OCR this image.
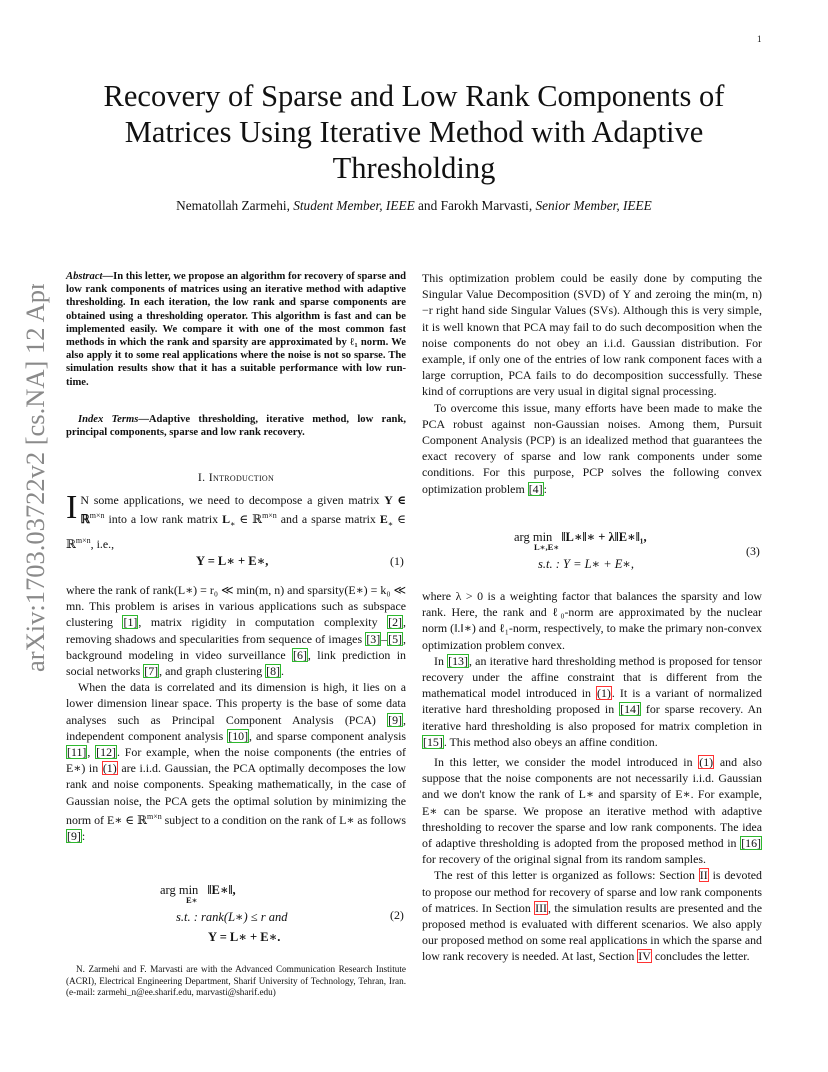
1
Recovery of Sparse and Low Rank Components of
Matrices Using Iterative Method with Adaptive
Thresholding
Nematollah Zarmehi, Student Member, IEEE and Farokh Marvasti, Senior Member, IEEE
arXiv:1703.03722v2 [cs.NA] 12 Apr 2017 Abstract—In this letter, we propose an algorithm for recovery of sparse and low rank components of matrices using an iterative method with adaptive thresholding. In each iteration, the low rank and sparse components are obtained using a thresholding operator. This algorithm is fast and can be implemented easily. We compare it with one of the most common fast methods in which the rank and sparsity are approximated by ℓ₁ norm. We also apply it to some real applications where the noise is not so sparse. The simulation results show that it has a suitable performance with low run-time.
Index Terms—Adaptive thresholding, iterative method, low rank, principal components, sparse and low rank recovery.
I. Introduction
I N some applications, we need to decompose a given matrix Y ∈ ℝ$^{m\times n}$ into a low rank matrix $L_∗$ ∈ ℝ$^{m\times n}$ and a sparse matrix $E_∗$ ∈ ℝ$^{m\times n}$, i.e.,
Y = L∗ + E∗,	(1)

where the rank of rank(L∗) = r₀ ≪ min(m, n) and sparsity(E∗) = k₀ ≪ mn. This problem is arises in various applications such as subspace clustering [1], matrix rigidity in computation complexity [2], removing shadows and specularities from sequence of images [3]–[5], background modeling in video surveillance [6], link prediction in social networks [7], and graph clustering [8].

When the data is correlated and its dimension is high, it lies on a lower dimension linear space. This property is the base of some data analyses such as Principal Component Analysis (PCA) [9], independent component analysis [10], and sparse component analysis [11], [12]. For example, when the noise components (the entries of E∗) in (1) are i.i.d. Gaussian, the PCA optimally decomposes the low rank and noise components. Speaking mathematically, in the case of Gaussian noise, the PCA gets the optimal solution by minimizing the norm of E∗ ∈ ℝ$^{m\times n}$ subject to a condition on the rank of L∗ as follows [9]:

arg min ‖E∗‖,
E∗
s.t. : rank(L∗) ≤ r and
Y = L∗ + E∗.
(2)
N. Zarmehi and F. Marvasti are with the Advanced Communication Research Institute (ACRI), Electrical Engineering Department, Sharif University of Technology, Tehran, Iran. (e-mail: zarmehi_n@ee.sharif.edu, marvasti@sharif.edu)

This optimization problem could be easily done by computing the Singular Value Decomposition (SVD) of Y and zeroing the min(m, n)−r right hand side Singular Values (SVs). Although this is very simple, it is well known that PCA may fail to do such decomposition when the noise components do not obey an i.i.d. Gaussian distribution. For example, if only one of the entries of low rank component faces with a large corruption, PCA fails to do decomposition successfully. These kind of corruptions are very usual in digital signal processing.

To overcome this issue, many efforts have been made to make the PCA robust against non-Gaussian noises. Among them, Pursuit Component Analysis (PCP) is an idealized method that guarantees the exact recovery of sparse and low rank components under some conditions. For this purpose, PCP solves the following convex optimization problem [4]:

arg min ‖L∗‖∗ + λ‖E∗‖₁,
L∗,E∗
s.t. : Y = L∗ + E∗,
(3)

where λ > 0 is a weighting factor that balances the sparsity and low rank. Here, the rank and ℓ₀-norm are approximated by the nuclear norm (‖.‖∗) and ℓ₁-norm, respectively, to make the primary non-convex optimization problem convex.

In [13], an iterative hard thresholding method is proposed for tensor recovery under the affine constraint that is different from the mathematical model introduced in (1). It is a variant of normalized iterative hard thresholding proposed in [14] for sparse recovery. An iterative hard thresholding is also proposed for matrix completion in [15]. This method also obeys an affine condition.

In this letter, we consider the model introduced in (1) and also suppose that the noise components are not necessarily i.i.d. Gaussian and we don't know the rank of L∗ and sparsity of E∗. For example, E∗ can be sparse. We propose an iterative method with adaptive thresholding to recover the sparse and low rank components. The idea of adaptive thresholding is adopted from the proposed method in [16] for recovery of the original signal from its random samples.

The rest of this letter is organized as follows: Section II is devoted to propose our method for recovery of sparse and low rank components of matrices. In Section III, the simulation results are presented and the proposed method is evaluated with different scenarios. We also apply our proposed method on some real applications in which the sparse and low rank recovery is needed. At last, Section IV concludes the letter.
